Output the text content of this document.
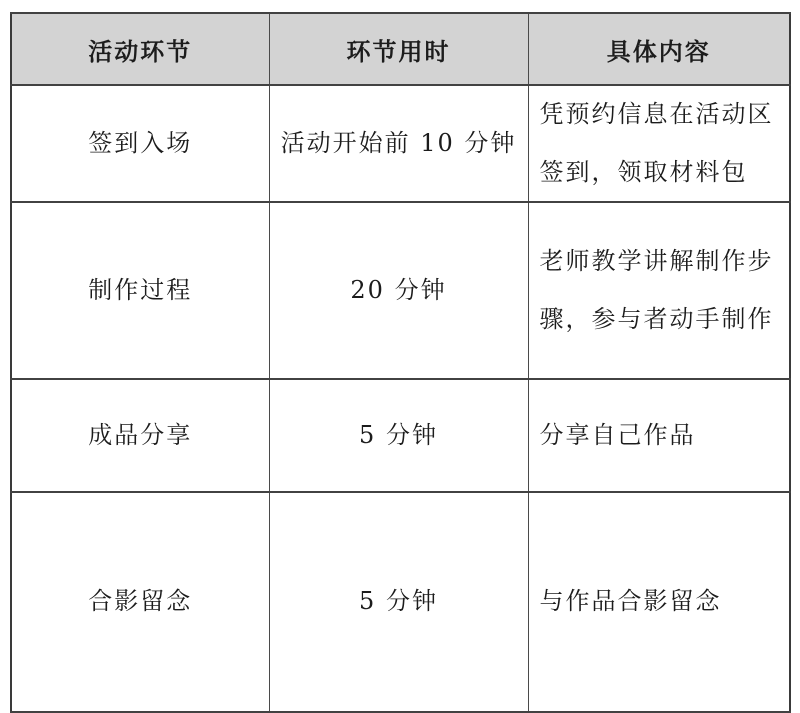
活动环节	环节用时	具体内容
签到入场	活动开始前 10 分钟	凭预约信息在活动区签到，领取材料包
制作过程	20 分钟	老师教学讲解制作步骤，参与者动手制作
成品分享	5 分钟	分享自己作品
合影留念	5 分钟	与作品合影留念
